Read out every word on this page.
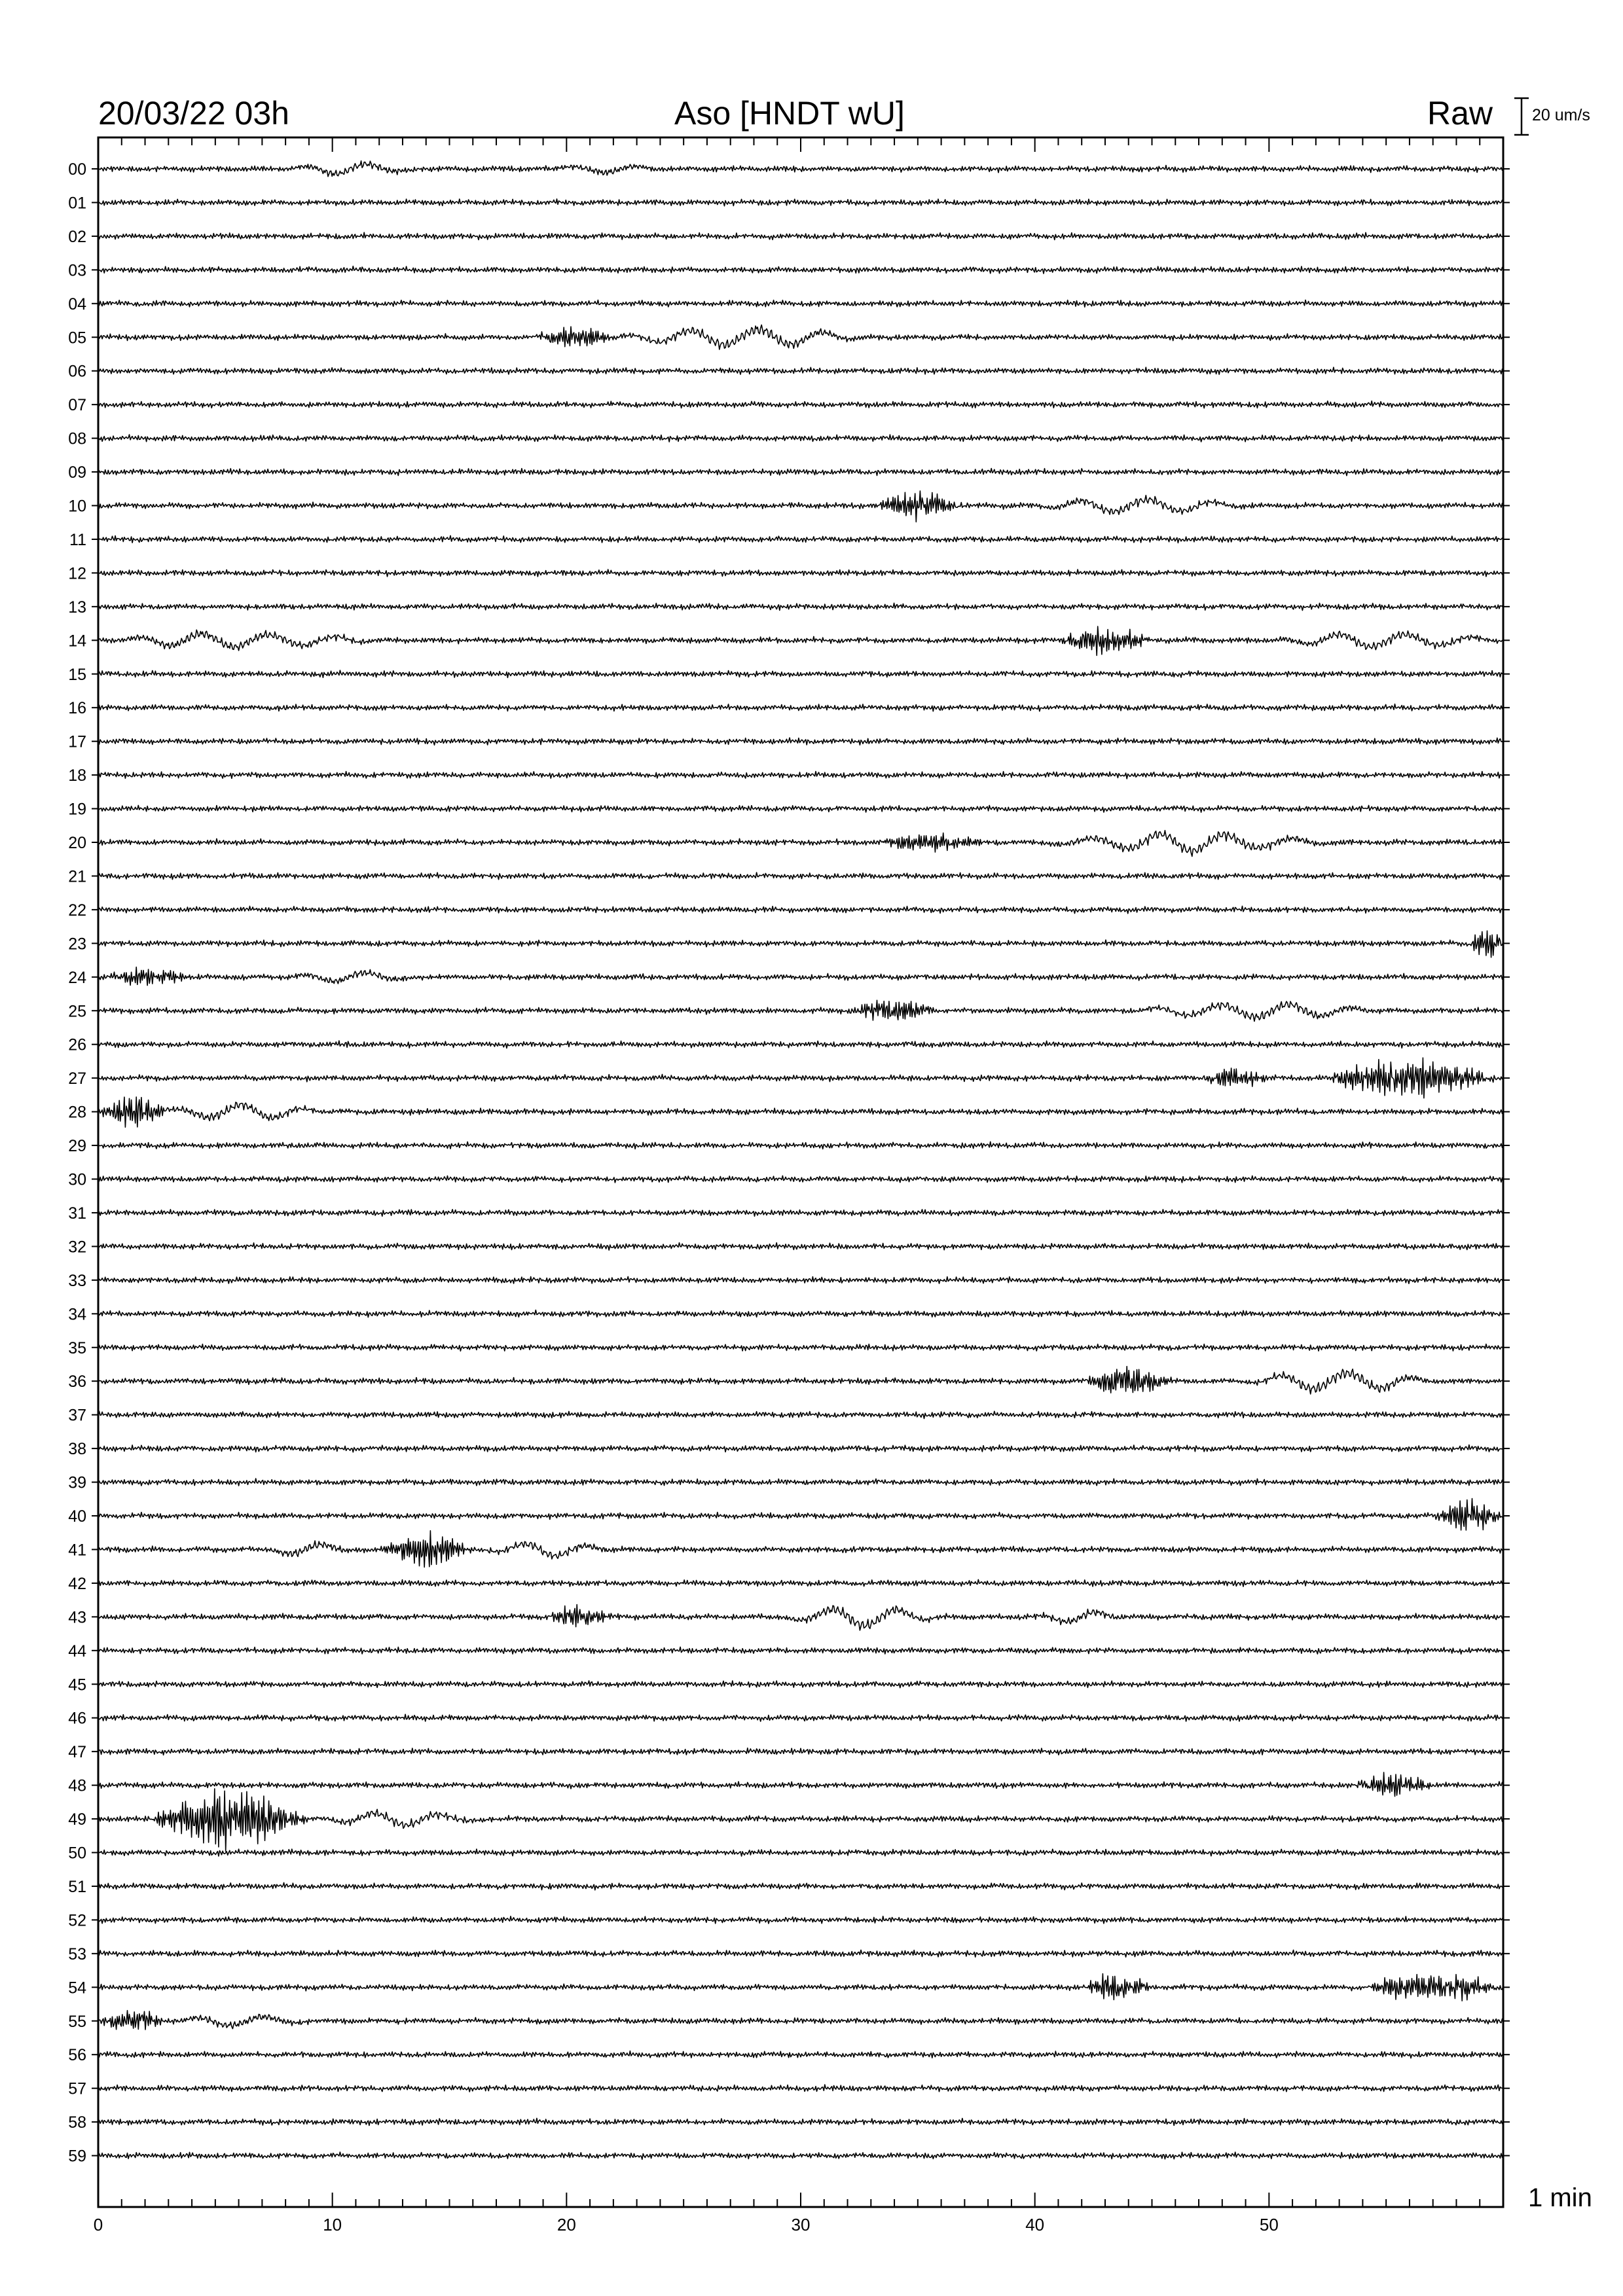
20/03/22 03h	Aso [HNDT wU]	Raw 20 um/s
1 min
0	10	20	30	40	50
00
01
02
03
04
05
06
07
08
09
10
11
12
13
14
15
16
17
18
19
20
21
22
23
24
25
26
27
28
29
30
31
32
33
34
35
36
37
38
39
40
41
42
43
44
45
46
47
48
49
50
51
52
53
54
55
56
57
58
59
